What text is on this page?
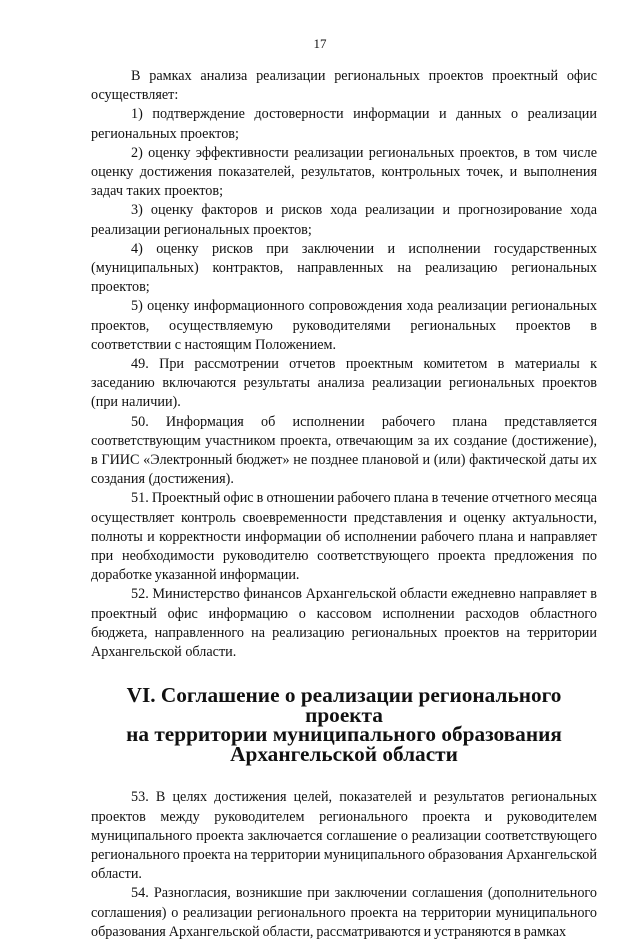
17

В рамках анализа реализации региональных проектов проектный офис осуществляет:

1) подтверждение достоверности информации и данных о реализации региональных проектов;

2) оценку эффективности реализации региональных проектов, в том числе оценку достижения показателей, результатов, контрольных точек, и выполнения задач таких проектов;

3) оценку факторов и рисков хода реализации и прогнозирование хода реализации региональных проектов;

4) оценку рисков при заключении и исполнении государственных (муниципальных) контрактов, направленных на реализацию региональных проектов;

5) оценку информационного сопровождения хода реализации региональных проектов, осуществляемую руководителями региональных проектов в соответствии с настоящим Положением.

49. При рассмотрении отчетов проектным комитетом в материалы к заседанию включаются результаты анализа реализации региональных проектов (при наличии).

50. Информация об исполнении рабочего плана представляется соответствующим участником проекта, отвечающим за их создание (достижение), в ГИИС «Электронный бюджет» не позднее плановой и (или) фактической даты их создания (достижения).

51. Проектный офис в отношении рабочего плана в течение отчетного месяца осуществляет контроль своевременности представления и оценку актуальности, полноты и корректности информации об исполнении рабочего плана и направляет при необходимости руководителю соответствующего проекта предложения по доработке указанной информации.

52. Министерство финансов Архангельской области ежедневно направляет в проектный офис информацию о кассовом исполнении расходов областного бюджета, направленного на реализацию региональных проектов на территории Архангельской области.

VI. Соглашение о реализации регионального проекта
на территории муниципального образования
Архангельской области

53. В целях достижения целей, показателей и результатов региональных проектов между руководителем регионального проекта и руководителем муниципального проекта заключается соглашение о реализации соответствующего регионального проекта на территории муниципального образования Архангельской области.

54. Разногласия, возникшие при заключении соглашения (дополнительного соглашения) о реализации регионального проекта на территории муниципального образования Архангельской области, рассматриваются и устраняются в рамках
